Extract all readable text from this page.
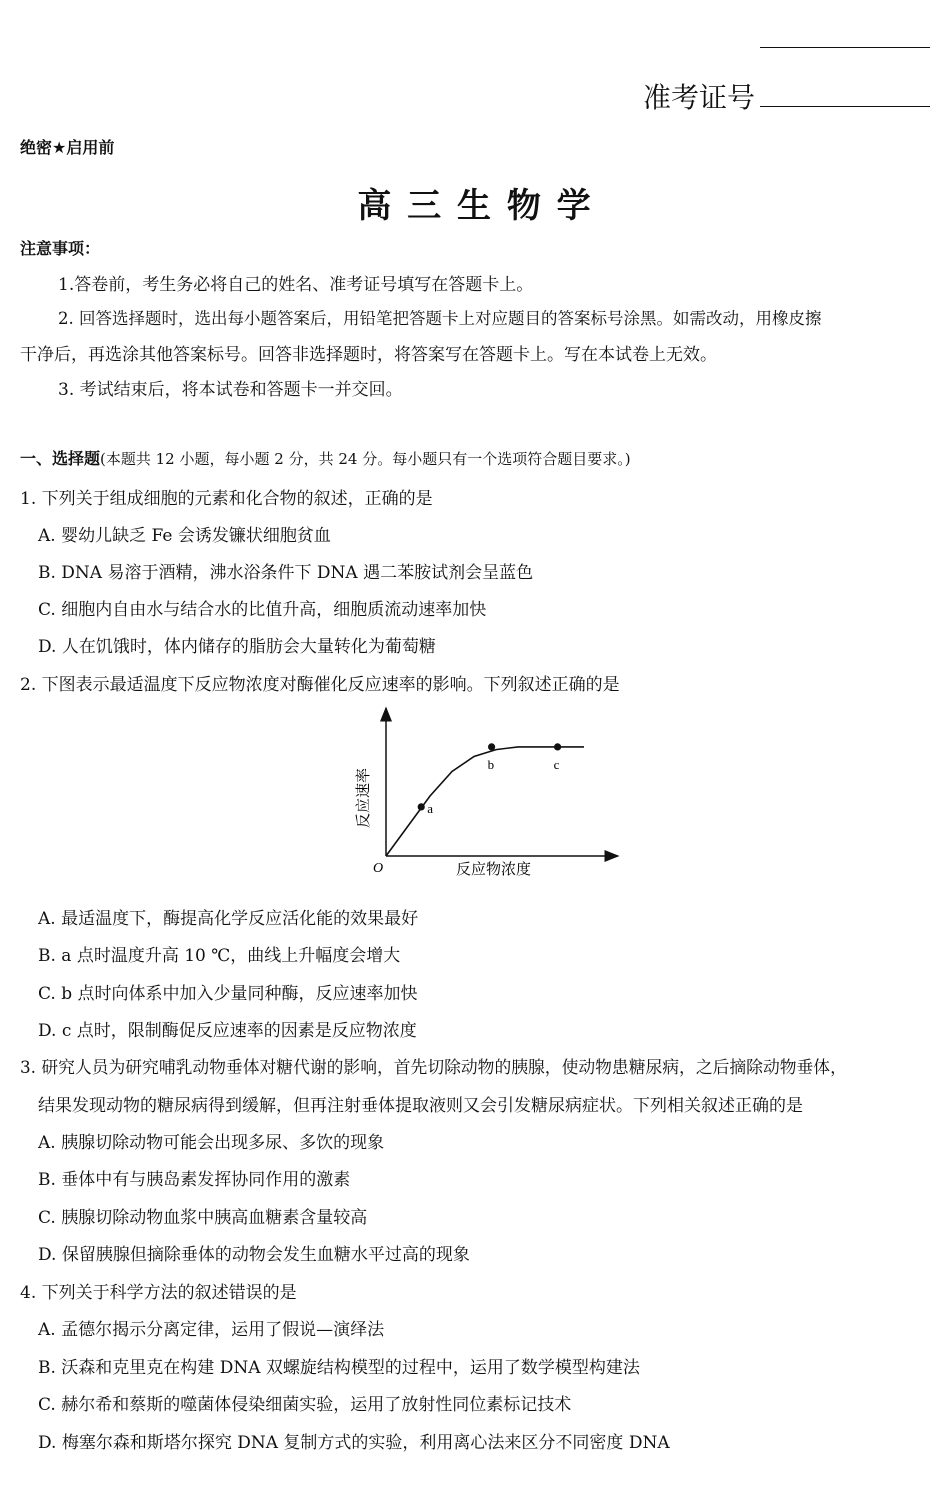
准考证号
绝密★启用前
高 三 生 物 学
注意事项：
1.答卷前，考生务必将自己的姓名、准考证号填写在答题卡上。
2. 回答选择题时，选出每小题答案后，用铅笔把答题卡上对应题目的答案标号涂黑。如需改动，用橡皮擦
干净后，再选涂其他答案标号。回答非选择题时，将答案写在答题卡上。写在本试卷上无效。
3. 考试结束后，将本试卷和答题卡一并交回。
一、选择题(本题共 12 小题，每小题 2 分，共 24 分。每小题只有一个选项符合题目要求。)
1. 下列关于组成细胞的元素和化合物的叙述，正确的是
A. 婴幼儿缺乏 Fe 会诱发镰状细胞贫血
B. DNA 易溶于酒精，沸水浴条件下 DNA 遇二苯胺试剂会呈蓝色
C. 细胞内自由水与结合水的比值升高，细胞质流动速率加快
D. 人在饥饿时，体内储存的脂肪会大量转化为葡萄糖
2. 下图表示最适温度下反应物浓度对酶催化反应速率的影响。下列叙述正确的是
a
b	c
O	反应物浓度
反应速率
A. 最适温度下，酶提高化学反应活化能的效果最好
B. a 点时温度升高 10 ℃，曲线上升幅度会增大
C. b 点时向体系中加入少量同种酶，反应速率加快
D. c 点时，限制酶促反应速率的因素是反应物浓度
3. 研究人员为研究哺乳动物垂体对糖代谢的影响，首先切除动物的胰腺，使动物患糖尿病，之后摘除动物垂体，
结果发现动物的糖尿病得到缓解，但再注射垂体提取液则又会引发糖尿病症状。下列相关叙述正确的是
A. 胰腺切除动物可能会出现多尿、多饮的现象
B. 垂体中有与胰岛素发挥协同作用的激素
C. 胰腺切除动物血浆中胰高血糖素含量较高
D. 保留胰腺但摘除垂体的动物会发生血糖水平过高的现象
4. 下列关于科学方法的叙述错误的是
A. 孟德尔揭示分离定律，运用了假说—演绎法
B. 沃森和克里克在构建 DNA 双螺旋结构模型的过程中，运用了数学模型构建法
C. 赫尔希和蔡斯的噬菌体侵染细菌实验，运用了放射性同位素标记技术
D. 梅塞尔森和斯塔尔探究 DNA 复制方式的实验，利用离心法来区分不同密度 DNA
